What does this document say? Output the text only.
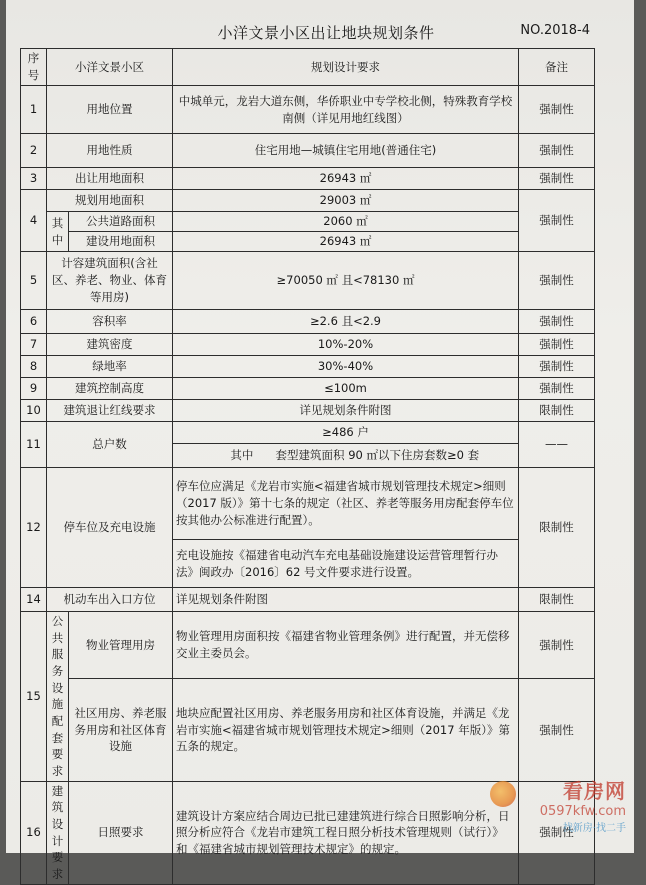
小洋文景小区出让地块规划条件	NO.2018-4
序号	小洋文景小区		规划设计要求	备注
1	用地位置		中城单元，龙岩大道东侧，华侨职业中专学校北侧，特殊教育学校南侧（详见用地红线图）	强制性
2	用地性质		住宅用地—城镇住宅用地(普通住宅)	强制性
3	出让用地面积		26943 ㎡	强制性
4	规划用地面积		29003 ㎡	强制性
	其中	公共道路面积	2060 ㎡	
		建设用地面积	26943 ㎡	
5	计容建筑面积(含社区、养老、物业、体育等用房)		≥70050 ㎡ 且<78130 ㎡	强制性
6	容积率		≥2.6 且<2.9	强制性
7	建筑密度		10%-20%	强制性
8	绿地率		30%-40%	强制性
9	建筑控制高度		≤100m	强制性
10	建筑退让红线要求		详见规划条件附图	限制性
11	总户数		≥486 户	——
			其中 套型建筑面积 90 ㎡以下住房套数≥0 套	
12	停车位及充电设施		停车位应满足《龙岩市实施<福建省城市规划管理技术规定>细则（2017 版）》第十七条的规定（社区、养老等服务用房配套停车位按其他办公标准进行配置）。	限制性
			充电设施按《福建省电动汽车充电基础设施建设运营管理暂行办法》闽政办〔2016〕62 号文件要求进行设置。	
14	机动车出入口方位		详见规划条件附图	限制性
15	公共服务设施配套要求	物业管理用房	物业管理用房面积按《福建省物业管理条例》进行配置，并无偿移交业主委员会。	强制性
		社区用房、养老服务用房和社区体育设施	地块应配置社区用房、养老服务用房和社区体育设施，并满足《龙岩市实施<福建省城市规划管理技术规定>细则（2017 年版）》第五条的规定。	强制性
16	建筑设计要求	日照要求	建筑设计方案应结合周边已批已建建筑进行综合日照影响分析，日照分析应符合《龙岩市建筑工程日照分析技术管理规则（试行）》和《福建省城市规划管理技术规定》的规定。	强制性
看房网
0597kfw.com
找新房·找二手
